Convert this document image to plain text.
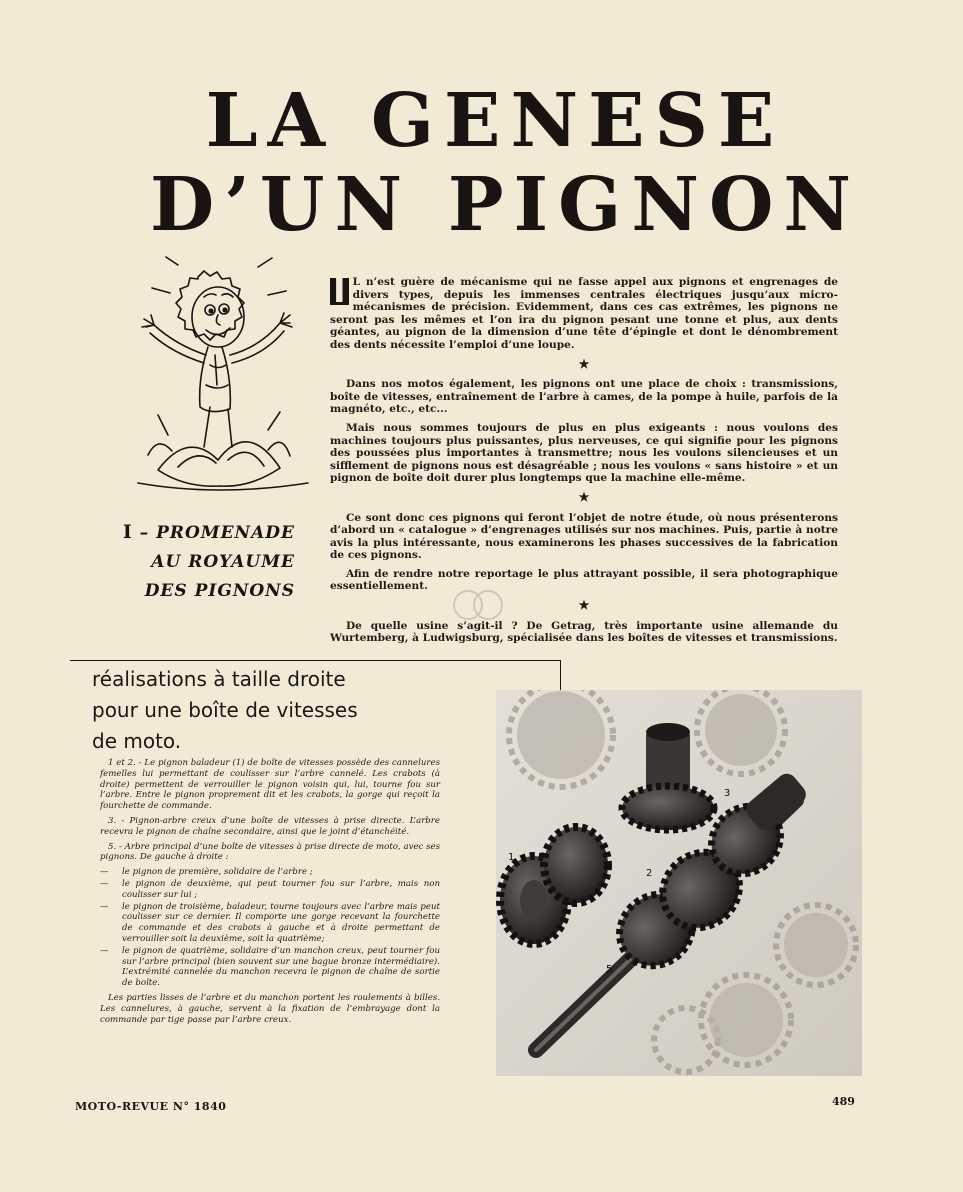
LA GENESE
D’UN PIGNON
I – PROMENADE
AU ROYAUME
DES PIGNONS

I L n’est guère de mécanisme qui ne fasse appel aux pignons et engrenages de divers types, depuis les immenses centrales électriques jusqu’aux micro-mécanismes de précision. Evidemment, dans ces cas extrêmes, les pignons ne seront pas les mêmes et l’on ira du pignon pesant une tonne et plus, aux dents géantes, au pignon de la dimension d’une tête d’épingle et dont le dénombrement des dents nécessite l’emploi d’une loupe.

★

Dans nos motos également, les pignons ont une place de choix : transmissions, boîte de vitesses, entraînement de l’arbre à cames, de la pompe à huile, parfois de la magnéto, etc., etc...

Mais nous sommes toujours de plus en plus exigeants : nous voulons des machines toujours plus puissantes, plus nerveuses, ce qui signifie pour les pignons des poussées plus importantes à transmettre; nous les voulons silencieuses et un sifflement de pignons nous est désagréable ; nous les voulons « sans histoire » et un pignon de boîte doit durer plus longtemps que la machine elle-même.

★

Ce sont donc ces pignons qui feront l’objet de notre étude, où nous présenterons d’abord un « catalogue » d’engrenages utilisés sur nos machines. Puis, partie à notre avis la plus intéressante, nous examinerons les phases successives de la fabrication de ces pignons.

Afin de rendre notre reportage le plus attrayant possible, il sera photographique essentiellement.

★

De quelle usine s’agit-il ? De Getrag, très importante usine allemande du Wurtemberg, à Ludwigsburg, spécialisée dans les boîtes de vitesses et transmissions.

réalisations à taille droite
pour une boîte de vitesses
de moto.

1 et 2. - Le pignon baladeur (1) de boîte de vitesses possède des cannelures femelles lui permettant de coulisser sur l’arbre cannelé. Les crabots (à droite) permettent de verrouiller le pignon voisin qui, lui, tourne fou sur l’arbre. Entre le pignon proprement dit et les crabots, la gorge qui reçoit la fourchette de commande.

3. - Pignon-arbre creux d’une boîte de vitesses à prise directe. L’arbre recevra le pignon de chaîne secondaire, ainsi que le joint d’étanchéité.

5. - Arbre principal d’une boîte de vitesses à prise directe de moto, avec ses pignons. De gauche à droite :

— le pignon de première, solidaire de l’arbre ;
— le pignon de deuxième, qui peut tourner fou sur l’arbre, mais non coulisser sur lui ;
— le pignon de troisième, baladeur, tourne toujours avec l’arbre mais peut coulisser sur ce dernier. Il comporte une gorge recevant la fourchette de commande et des crabots à gauche et à droite permettant de verrouiller soit la deuxième, soit la quatrième;
— le pignon de quatrième, solidaire d’un manchon creux, peut tourner fou sur l’arbre principal (bien souvent sur une bague bronze intermédiaire). L’extrémité cannelée du manchon recevra le pignon de chaîne de sortie de boîte.

Les parties lisses de l’arbre et du manchon portent les roulements à billes. Les cannelures, à gauche, servent à la fixation de l’embrayage dont la commande par tige passe par l’arbre creux.

1
2
3
5
MOTO-REVUE N° 1840	489
